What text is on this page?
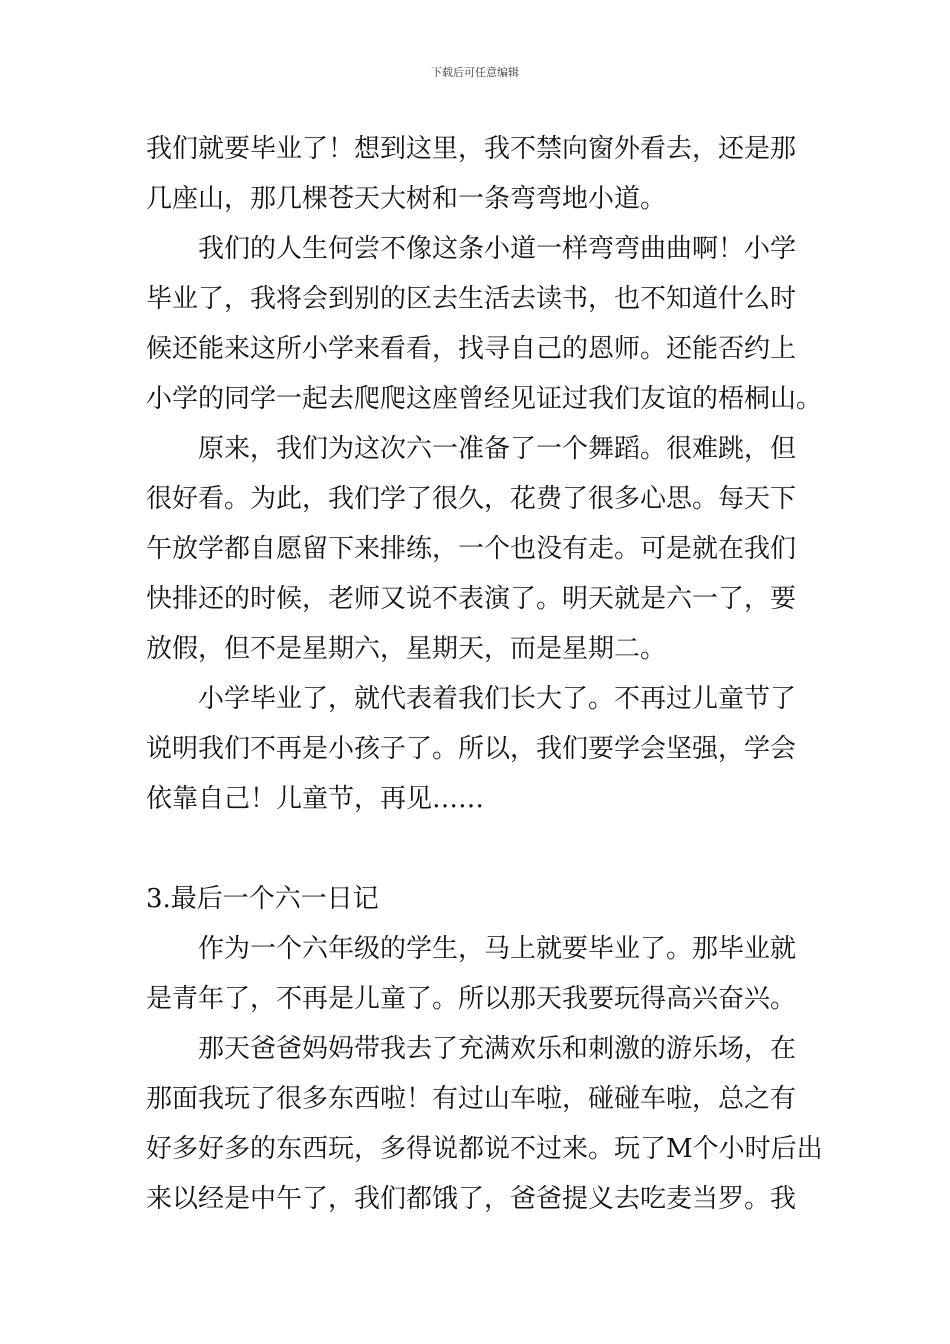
下载后可任意编辑
我们就要毕业了！想到这里，我不禁向窗外看去，还是那
几座山，那几棵苍天大树和一条弯弯地小道。
我们的人生何尝不像这条小道一样弯弯曲曲啊！小学
毕业了，我将会到别的区去生活去读书，也不知道什么时
候还能来这所小学来看看，找寻自己的恩师。还能否约上
小学的同学一起去爬爬这座曾经见证过我们友谊的梧桐山。
原来，我们为这次六一准备了一个舞蹈。很难跳，但
很好看。为此，我们学了很久，花费了很多心思。每天下
午放学都自愿留下来排练，一个也没有走。可是就在我们
快排还的时候，老师又说不表演了。明天就是六一了，要
放假，但不是星期六，星期天，而是星期二。
小学毕业了，就代表着我们长大了。不再过儿童节了
说明我们不再是小孩子了。所以，我们要学会坚强，学会
依靠自己！儿童节，再见……
3.最后一个六一日记
作为一个六年级的学生，马上就要毕业了。那毕业就
是青年了，不再是儿童了。所以那天我要玩得高兴奋兴。
那天爸爸妈妈带我去了充满欢乐和刺激的游乐场，在
那面我玩了很多东西啦！有过山车啦，碰碰车啦，总之有
好多好多的东西玩，多得说都说不过来。玩了M个小时后出
来以经是中午了，我们都饿了，爸爸提义去吃麦当罗。我
